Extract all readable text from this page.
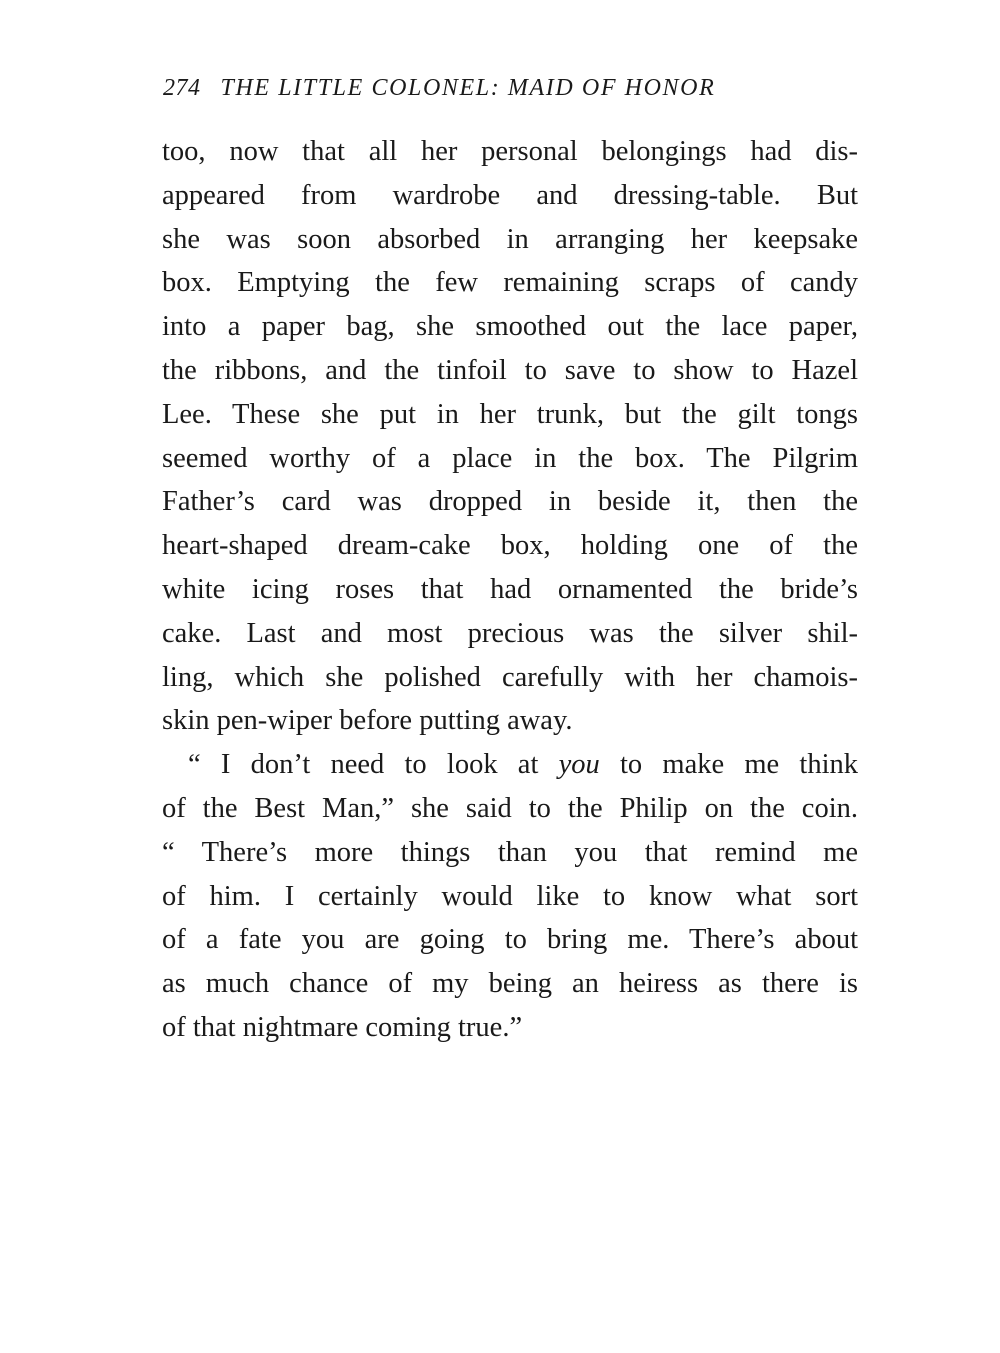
274 THE LITTLE COLONEL: MAID OF HONOR
too, now that all her personal belongings had dis-
appeared from wardrobe and dressing-table. But
she was soon absorbed in arranging her keepsake
box. Emptying the few remaining scraps of candy
into a paper bag, she smoothed out the lace paper,
the ribbons, and the tinfoil to save to show to Hazel
Lee. These she put in her trunk, but the gilt tongs
seemed worthy of a place in the box. The Pilgrim
Father’s card was dropped in beside it, then the
heart-shaped dream-cake box, holding one of the
white icing roses that had ornamented the bride’s
cake. Last and most precious was the silver shil-
ling, which she polished carefully with her chamois-
skin pen-wiper before putting away.
“ I don’t need to look at you to make me think
of the Best Man,” she said to the Philip on the coin.
“ There’s more things than you that remind me
of him. I certainly would like to know what sort
of a fate you are going to bring me. There’s about
as much chance of my being an heiress as there is
of that nightmare coming true.”
